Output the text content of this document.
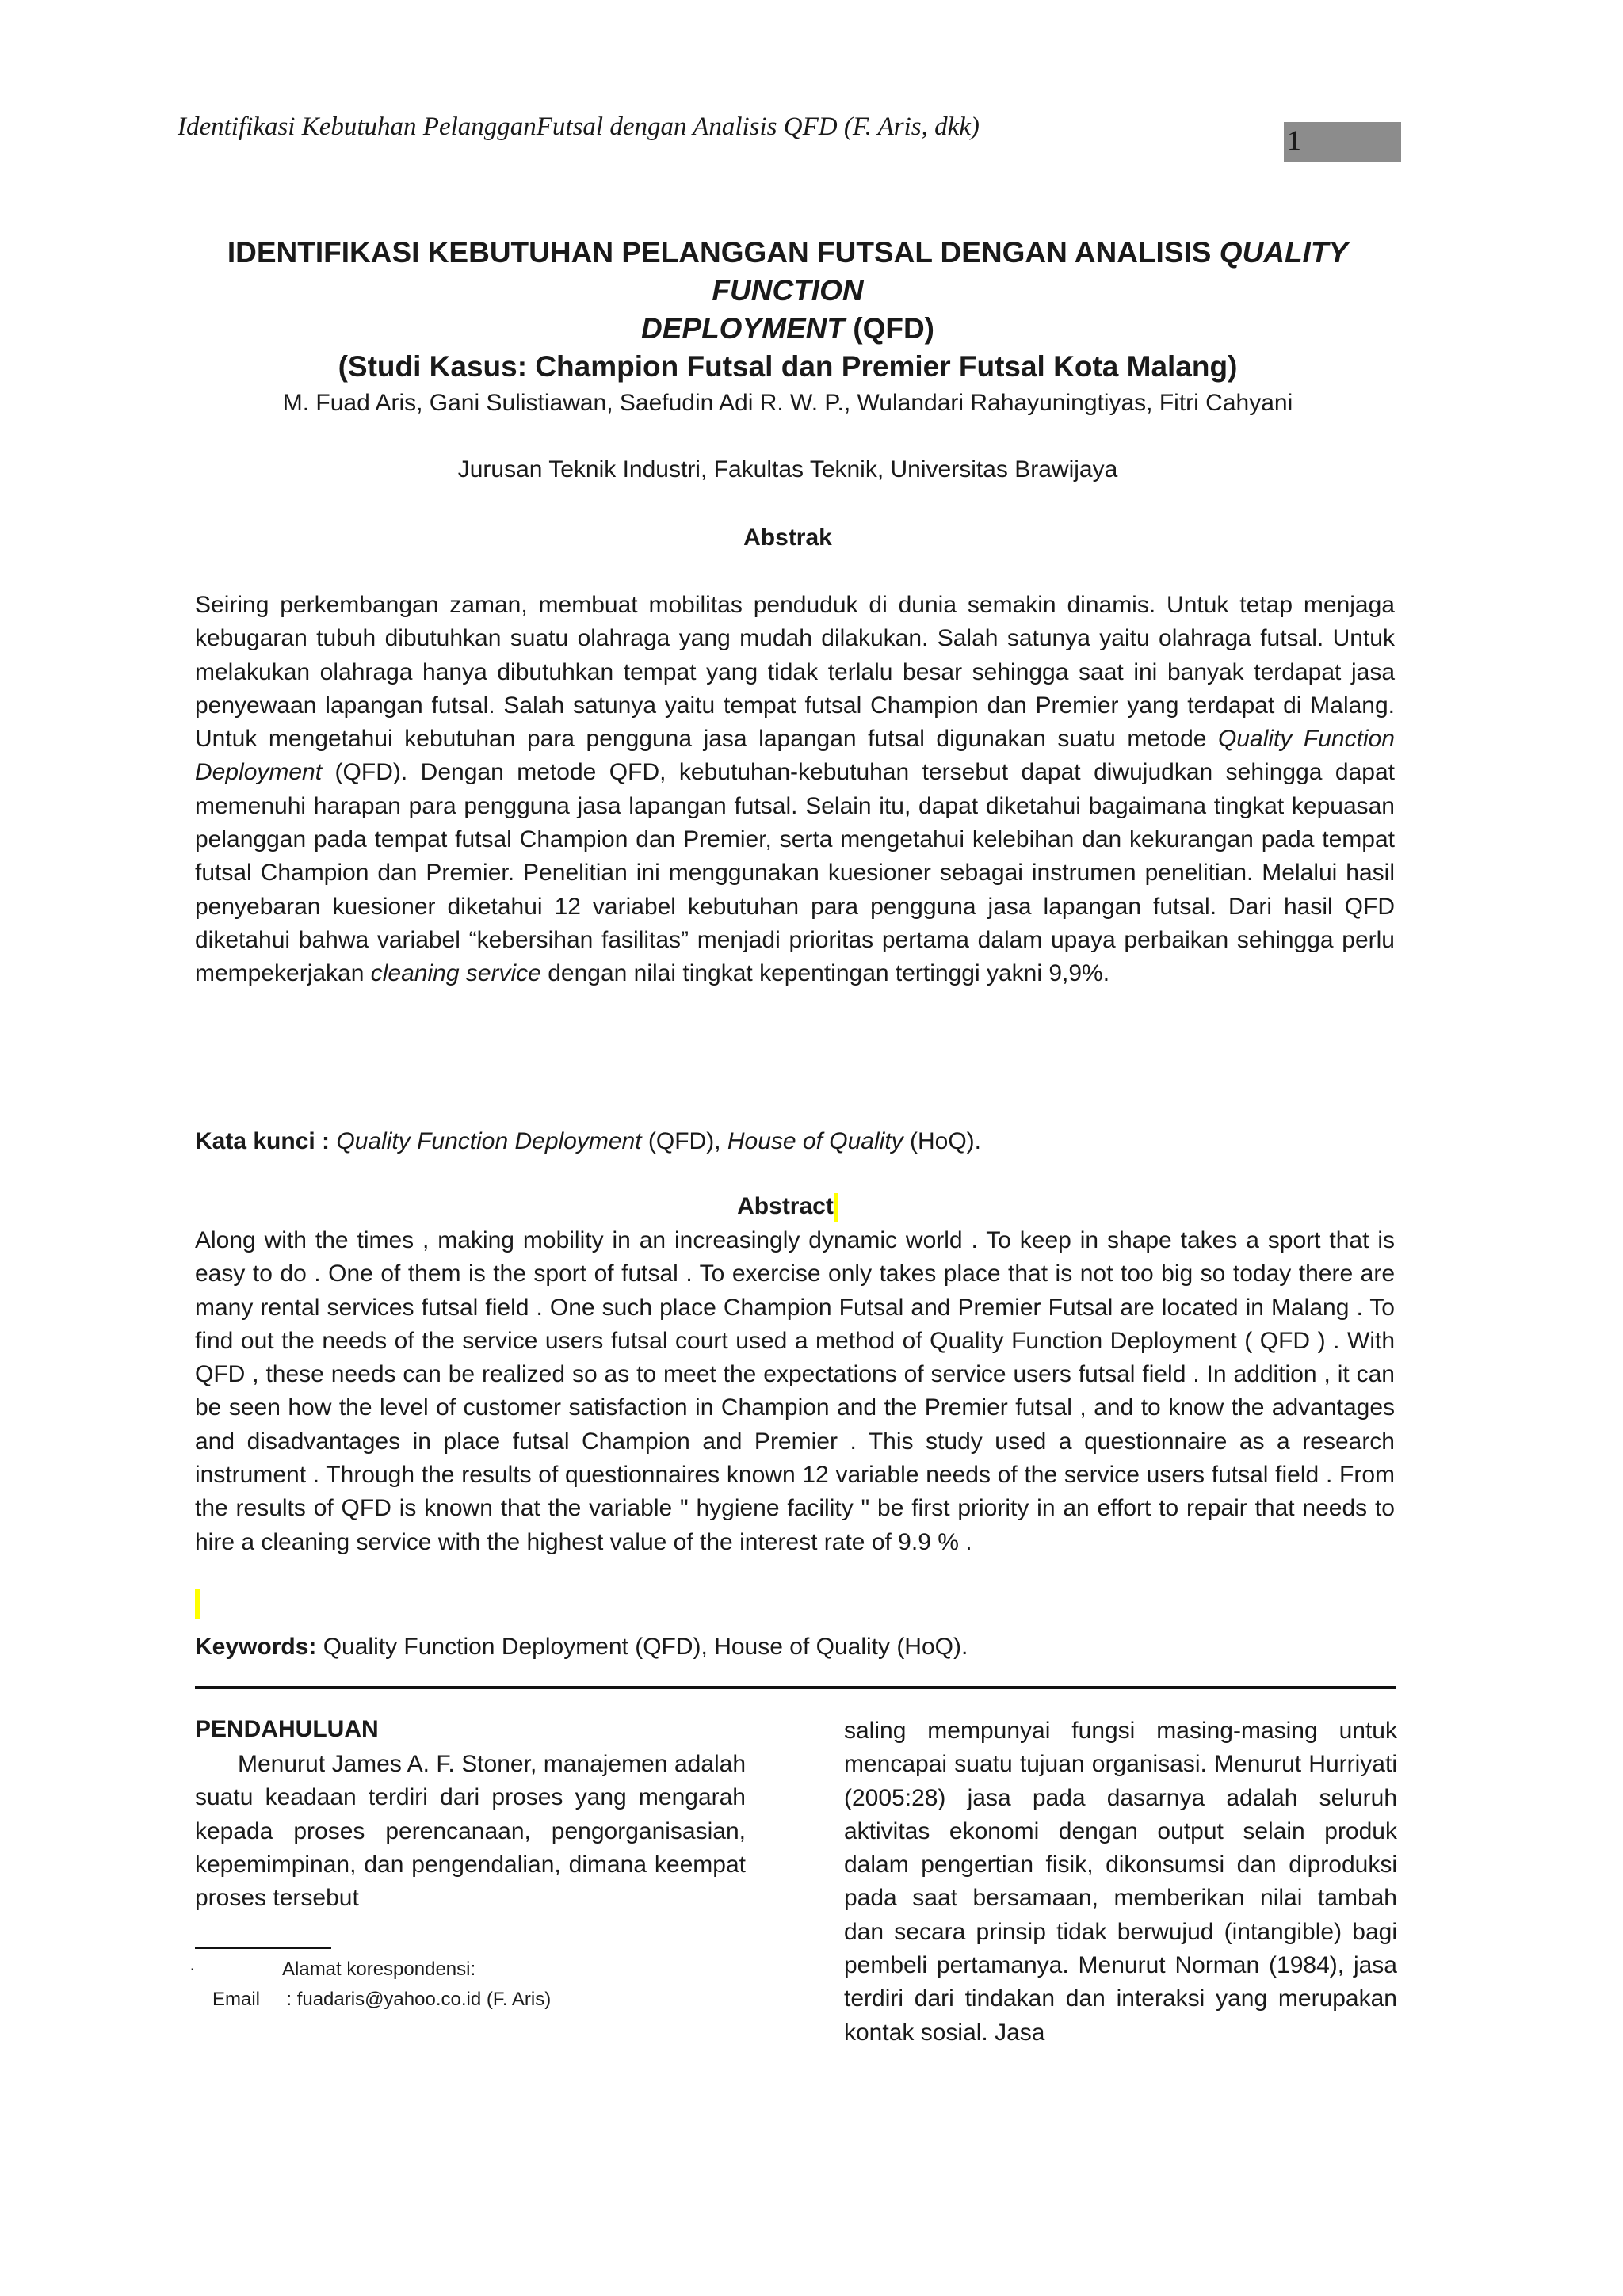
Identifikasi Kebutuhan PelangganFutsal dengan Analisis QFD (F. Aris, dkk)	1
IDENTIFIKASI KEBUTUHAN PELANGGAN FUTSAL DENGAN ANALISIS QUALITY FUNCTION
DEPLOYMENT (QFD)
(Studi Kasus: Champion Futsal dan Premier Futsal Kota Malang)
M. Fuad Aris, Gani Sulistiawan, Saefudin Adi R. W. P., Wulandari Rahayuningtiyas, Fitri Cahyani
Jurusan Teknik Industri, Fakultas Teknik, Universitas Brawijaya
Abstrak
Seiring perkembangan zaman, membuat mobilitas penduduk di dunia semakin dinamis. Untuk tetap menjaga kebugaran tubuh dibutuhkan suatu olahraga yang mudah dilakukan. Salah satunya yaitu olahraga futsal. Untuk melakukan olahraga hanya dibutuhkan tempat yang tidak terlalu besar sehingga saat ini banyak terdapat jasa penyewaan lapangan futsal. Salah satunya yaitu tempat futsal Champion dan Premier yang terdapat di Malang. Untuk mengetahui kebutuhan para pengguna jasa lapangan futsal digunakan suatu metode Quality Function Deployment (QFD). Dengan metode QFD, kebutuhan-kebutuhan tersebut dapat diwujudkan sehingga dapat memenuhi harapan para pengguna jasa lapangan futsal. Selain itu, dapat diketahui bagaimana tingkat kepuasan pelanggan pada tempat futsal Champion dan Premier, serta mengetahui kelebihan dan kekurangan pada tempat futsal Champion dan Premier. Penelitian ini menggunakan kuesioner sebagai instrumen penelitian. Melalui hasil penyebaran kuesioner diketahui 12 variabel kebutuhan para pengguna jasa lapangan futsal. Dari hasil QFD diketahui bahwa variabel “kebersihan fasilitas” menjadi prioritas pertama dalam upaya perbaikan sehingga perlu mempekerjakan cleaning service dengan nilai tingkat kepentingan tertinggi yakni 9,9%.
Kata kunci : Quality Function Deployment (QFD), House of Quality (HoQ).
Abstract
Along with the times , making mobility in an increasingly dynamic world . To keep in shape takes a sport that is easy to do . One of them is the sport of futsal . To exercise only takes place that is not too big so today there are many rental services futsal field . One such place Champion Futsal and Premier Futsal are located in Malang . To find out the needs of the service users futsal court used a method of Quality Function Deployment ( QFD ) . With QFD , these needs can be realized so as to meet the expectations of service users futsal field . In addition , it can be seen how the level of customer satisfaction in Champion and the Premier futsal , and to know the advantages and disadvantages in place futsal Champion and Premier . This study used a questionnaire as a research instrument . Through the results of questionnaires known 12 variable needs of the service users futsal field . From the results of QFD is known that the variable " hygiene facility " be first priority in an effort to repair that needs to hire a cleaning service with the highest value of the interest rate of 9.9 % .
Keywords: Quality Function Deployment (QFD), House of Quality (HoQ).
PENDAHULUAN
Menurut James A. F. Stoner, manajemen adalah suatu keadaan terdiri dari proses yang mengarah kepada proses perencanaan, pengorganisasian, kepemimpinan, dan pengendalian, dimana keempat proses tersebut
saling mempunyai fungsi masing-masing untuk mencapai suatu tujuan organisasi. Menurut Hurriyati (2005:28) jasa pada dasarnya adalah seluruh aktivitas ekonomi dengan output selain produk dalam pengertian fisik, dikonsumsi dan diproduksi pada saat bersamaan, memberikan nilai tambah dan secara prinsip tidak berwujud (intangible) bagi pembeli pertamanya. Menurut Norman (1984), jasa terdiri dari tindakan dan interaksi yang merupakan kontak sosial. Jasa
·	Alamat korespondensi:
Email     : fuadaris@yahoo.co.id (F. Aris)
